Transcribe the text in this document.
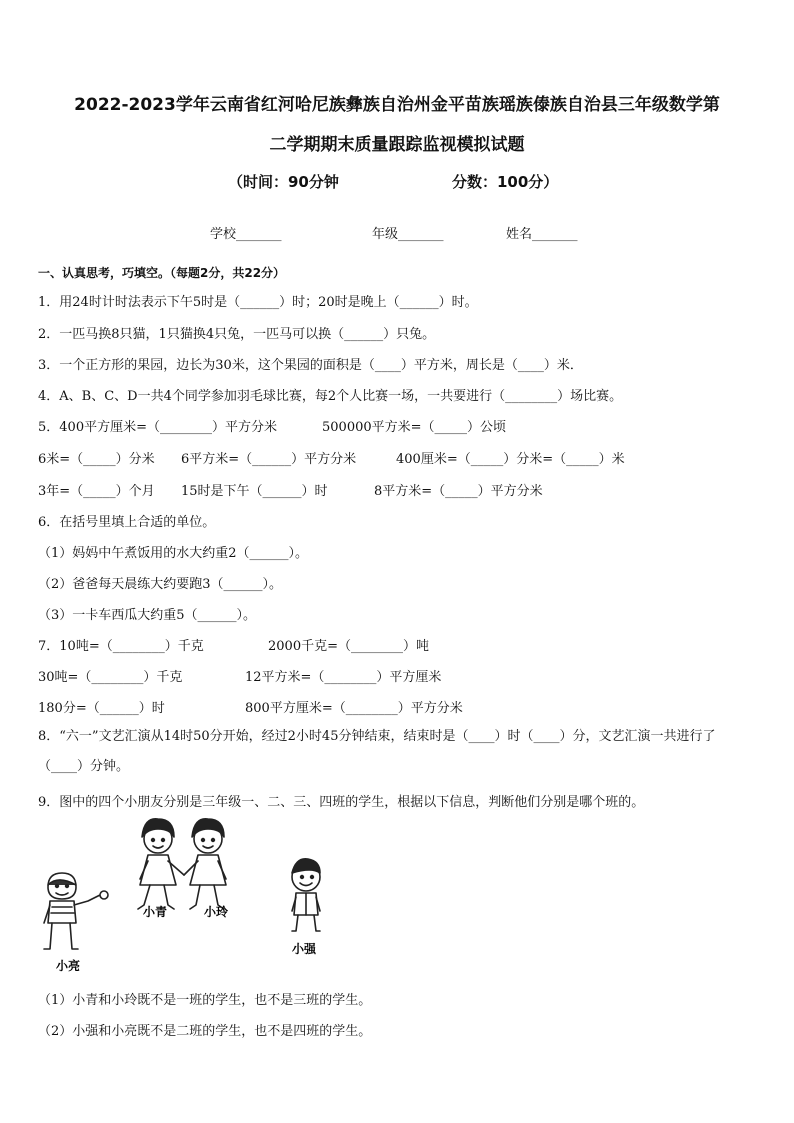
2022-2023学年云南省红河哈尼族彝族自治州金平苗族瑶族傣族自治县三年级数学第
二学期期末质量跟踪监视模拟试题
（时间：90分钟	分数：100分）
学校_______	年级_______	姓名_______
一、认真思考，巧填空。（每题2分，共22分）
1．用24时计时法表示下午5时是（______）时；20时是晚上（______）时。
2．一匹马换8只猫，1只猫换4只兔，一匹马可以换（______）只兔。
3．一个正方形的果园，边长为30米，这个果园的面积是（____）平方米，周长是（____）米．
4．A、B、C、D一共4个同学参加羽毛球比赛，每2个人比赛一场，一共要进行（________）场比赛。
5．400平方厘米=（________）平方分米	500000平方米=（_____）公顷
6米=（_____）分米 6平方米=（______）平方分米	400厘米=（_____）分米=（_____）米
3年=（_____）个月 15时是下午（______）时	8平方米=（_____）平方分米
6．在括号里填上合适的单位。
（1）妈妈中午煮饭用的水大约重2（______）。
（2）爸爸每天晨练大约要跑3（______）。
（3）一卡车西瓜大约重5（______）。
7．10吨=（________）千克	2000千克=（________）吨
30吨=（________）千克	12平方米=（________）平方厘米
180分=（______）时	800平方厘米=（________）平方分米
8．“六一”文艺汇演从14时50分开始，经过2小时45分钟结束，结束时是（____）时（____）分，文艺汇演一共进行了（____）分钟。
9．图中的四个小朋友分别是三年级一、二、三、四班的学生，根据以下信息，判断他们分别是哪个班的。
小亮
小青	小玲
小强
（1）小青和小玲既不是一班的学生，也不是三班的学生。
（2）小强和小亮既不是二班的学生，也不是四班的学生。
